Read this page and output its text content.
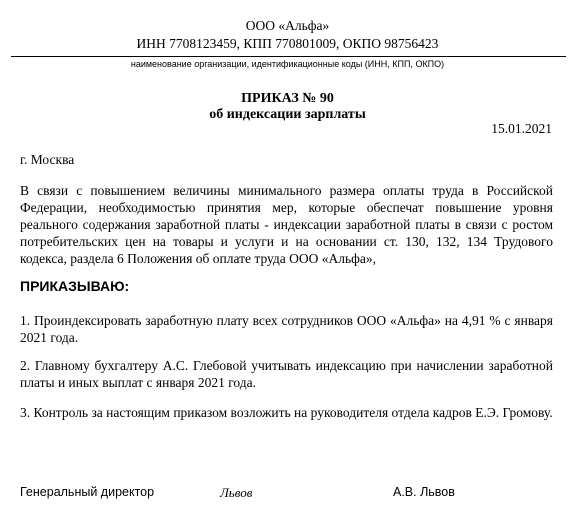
ООО «Альфа»
ИНН 7708123459, КПП 770801009, ОКПО 98756423
наименование организации, идентификационные коды (ИНН, КПП, ОКПО)
ПРИКАЗ № 90
об индексации зарплаты
15.01.2021
г. Москва
В связи с повышением величины минимального размера оплаты труда в Российской Федерации, необходимостью принятия мер, которые обеспечат повышение уровня реального содержания заработной платы - индексации заработной платы в связи с ростом потребительских цен на товары и услуги и на основании ст. 130, 132, 134 Трудового кодекса, раздела 6 Положения об оплате труда ООО «Альфа»,
ПРИКАЗЫВАЮ:
1. Проиндексировать заработную плату всех сотрудников ООО «Альфа» на 4,91 % с января 2021 года.
2. Главному бухгалтеру А.С. Глебовой учитывать индексацию при начислении заработной платы и иных выплат с января 2021 года.
3. Контроль за настоящим приказом возложить на руководителя отдела кадров Е.Э. Громову.
Генеральный директор	Львов	А.В. Львов
